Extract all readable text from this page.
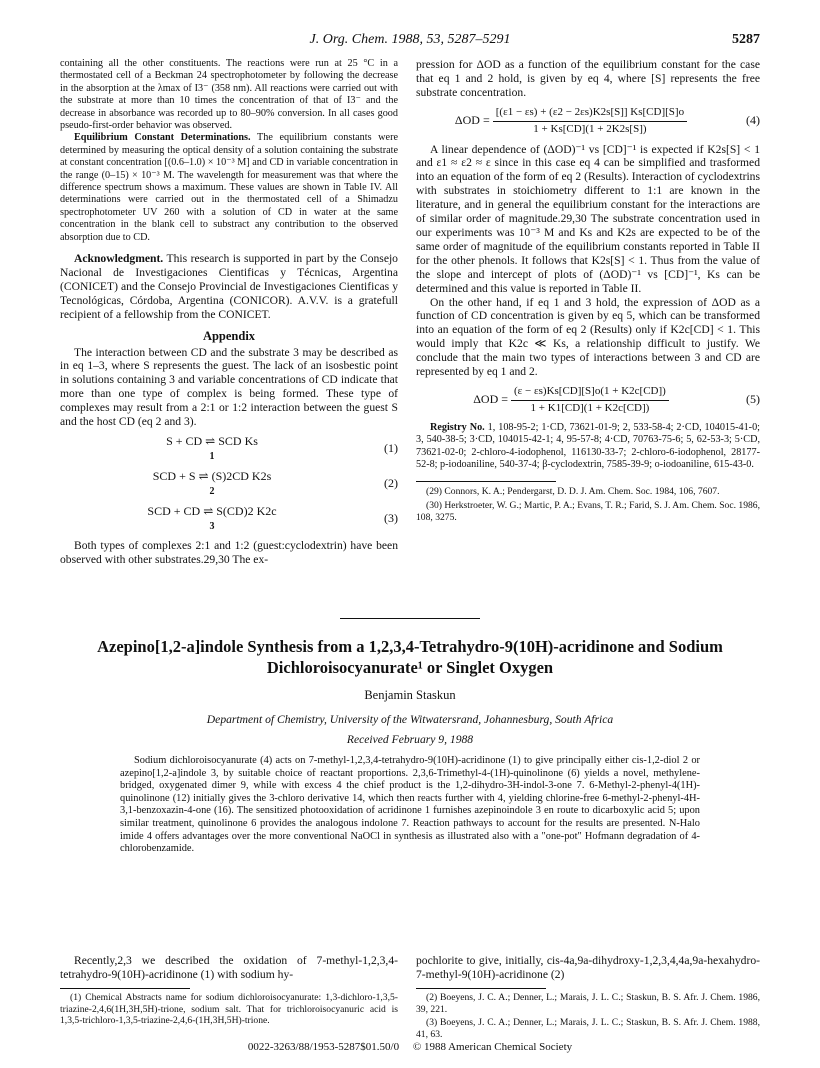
J. Org. Chem. 1988, 53, 5287–5291	5287

containing all the other constituents. The reactions were run at 25 °C in a thermostated cell of a Beckman 24 spectrophotometer by following the decrease in the absorption at the λmax of I3⁻ (358 nm). All reactions were carried out with the substrate at more than 10 times the concentration of that of I3⁻ and the decrease in absorbance was recorded up to 80–90% conversion. In all cases good pseudo-first-order behavior was observed.

Equilibrium Constant Determinations. The equilibrium constants were determined by measuring the optical density of a solution containing the substrate at constant concentration [(0.6–1.0) × 10⁻³ M] and CD in variable concentration in the range (0–15) × 10⁻³ M. The wavelength for measurement was that where the difference spectrum shows a maximum. These values are shown in Table IV. All determinations were carried out in the thermostated cell of a Shimadzu spectrophotometer UV 260 with a solution of CD in water at the same concentration in the blank cell to substract any contribution to the observed absorption due to CD.

Acknowledgment. This research is supported in part by the Consejo Nacional de Investigaciones Cientificas y Técnicas, Argentina (CONICET) and the Consejo Provincial de Investigaciones Cientificas y Tecnológicas, Córdoba, Argentina (CONICOR). A.V.V. is a gratefull recipient of a fellowship from the CONICET.

Appendix

The interaction between CD and the substrate 3 may be described as in eq 1–3, where S represents the guest. The lack of an isosbestic point in solutions containing 3 and variable concentrations of CD indicate that more than one type of complex is being formed. These type of complexes may result from a 2:1 or 1:2 interaction between the guest S and the host CD (eq 2 and 3).

S + CD ⇌ SCD Ks
1
(1)
SCD + S ⇌ (S)2CD K2s
2
(2)
SCD + CD ⇌ S(CD)2 K2c
3
(3)

Both types of complexes 2:1 and 1:2 (guest:cyclodextrin) have been observed with other substrates.29,30 The ex-

pression for ΔOD as a function of the equilibrium constant for the case that eq 1 and 2 hold, is given by eq 4, where [S] represents the free substrate concentration.

$\Delta OD = \frac{[(\varepsilon 1 - \varepsilon s) + (\varepsilon 2 - 2\varepsilon s)K2s[S]] Ks[CD][S]o}{1 + Ks[CD](1 + 2K2s[S])}$	(4)

A linear dependence of (ΔOD)⁻¹ vs [CD]⁻¹ is expected if K2s[S] < 1 and ε1 ≈ ε2 ≈ ε since in this case eq 4 can be simplified and trasformed into an equation of the form of eq 2 (Results). Interaction of cyclodextrins with substrates in stoichiometry different to 1:1 are known in the literature, and in general the equilibrium constant for the interactions are of similar order of magnitude.29,30 The substrate concentration used in our experiments was 10⁻³ M and Ks and K2s are expected to be of the same order of magnitude of the equilibrium constants reported in Table II for the other phenols. It follows that K2s[S] < 1. Thus from the value of the slope and intercept of plots of (ΔOD)⁻¹ vs [CD]⁻¹, Ks can be determined and this value is reported in Table II.

On the other hand, if eq 1 and 3 hold, the expression of ΔOD as a function of CD concentration is given by eq 5, which can be transformed into an equation of the form of eq 2 (Results) only if K2c[CD] < 1. This would imply that K2c ≪ Ks, a relationship difficult to justify. We conclude that the main two types of interactions between 3 and CD are represented by eq 1 and 2.

$\Delta OD = \frac{(\varepsilon - \varepsilon s)Ks[CD][S]o(1 + K2c[CD])}{1 + K1[CD](1 + K2c[CD])}$	(5)

Registry No. 1, 108-95-2; 1·CD, 73621-01-9; 2, 533-58-4; 2·CD, 104015-41-0; 3, 540-38-5; 3·CD, 104015-42-1; 4, 95-57-8; 4·CD, 70763-75-6; 5, 62-53-3; 5·CD, 73621-02-0; 2-chloro-4-iodophenol, 116130-33-7; 2-chloro-6-iodophenol, 28177-52-8; p-iodoaniline, 540-37-4; β-cyclodextrin, 7585-39-9; o-iodoaniline, 615-43-0.

(29) Connors, K. A.; Pendergarst, D. D. J. Am. Chem. Soc. 1984, 106, 7607.

(30) Herkstroeter, W. G.; Martic, P. A.; Evans, T. R.; Farid, S. J. Am. Chem. Soc. 1986, 108, 3275.

Azepino[1,2-a]indole Synthesis from a 1,2,3,4-Tetrahydro-9(10H)-acridinone and Sodium Dichloroisocyanurate¹ or Singlet Oxygen
Benjamin Staskun
Department of Chemistry, University of the Witwatersrand, Johannesburg, South Africa
Received February 9, 1988
Sodium dichloroisocyanurate (4) acts on 7-methyl-1,2,3,4-tetrahydro-9(10H)-acridinone (1) to give principally either cis-1,2-diol 2 or azepino[1,2-a]indole 3, by suitable choice of reactant proportions. 2,3,6-Trimethyl-4-(1H)-quinolinone (6) yields a novel, methylene-bridged, oxygenated dimer 9, while with excess 4 the chief product is the 1,2-dihydro-3H-indol-3-one 7. 6-Methyl-2-phenyl-4(1H)-quinolinone (12) initially gives the 3-chloro derivative 14, which then reacts further with 4, yielding chlorine-free 6-methyl-2-phenyl-4H-3,1-benzoxazin-4-one (16). The sensitized photooxidation of acridinone 1 furnishes azepinoindole 3 en route to dicarboxylic acid 5; upon similar treatment, quinolinone 6 provides the analogous indolone 7. Reaction pathways to account for the results are presented. N-Halo imide 4 offers advantages over the more conventional NaOCl in synthesis as illustrated also with a "one-pot" Hofmann degradation of 4-chlorobenzamide.
Recently,2,3 we described the oxidation of 7-methyl-1,2,3,4-tetrahydro-9(10H)-acridinone (1) with sodium hy-
pochlorite to give, initially, cis-4a,9a-dihydroxy-1,2,3,4,4a,9a-hexahydro-7-methyl-9(10H)-acridinone (2)

(1) Chemical Abstracts name for sodium dichloroisocyanurate: 1,3-dichloro-1,3,5-triazine-2,4,6(1H,3H,5H)-trione, sodium salt. That for trichloroisocyanuric acid is 1,3,5-trichloro-1,3,5-triazine-2,4,6-(1H,3H,5H)-trione.

(2) Boeyens, J. C. A.; Denner, L.; Marais, J. L. C.; Staskun, B. S. Afr. J. Chem. 1986, 39, 221.

(3) Boeyens, J. C. A.; Denner, L.; Marais, J. L. C.; Staskun, B. S. Afr. J. Chem. 1988, 41, 63.

0022-3263/88/1953-5287$01.50/0 © 1988 American Chemical Society
